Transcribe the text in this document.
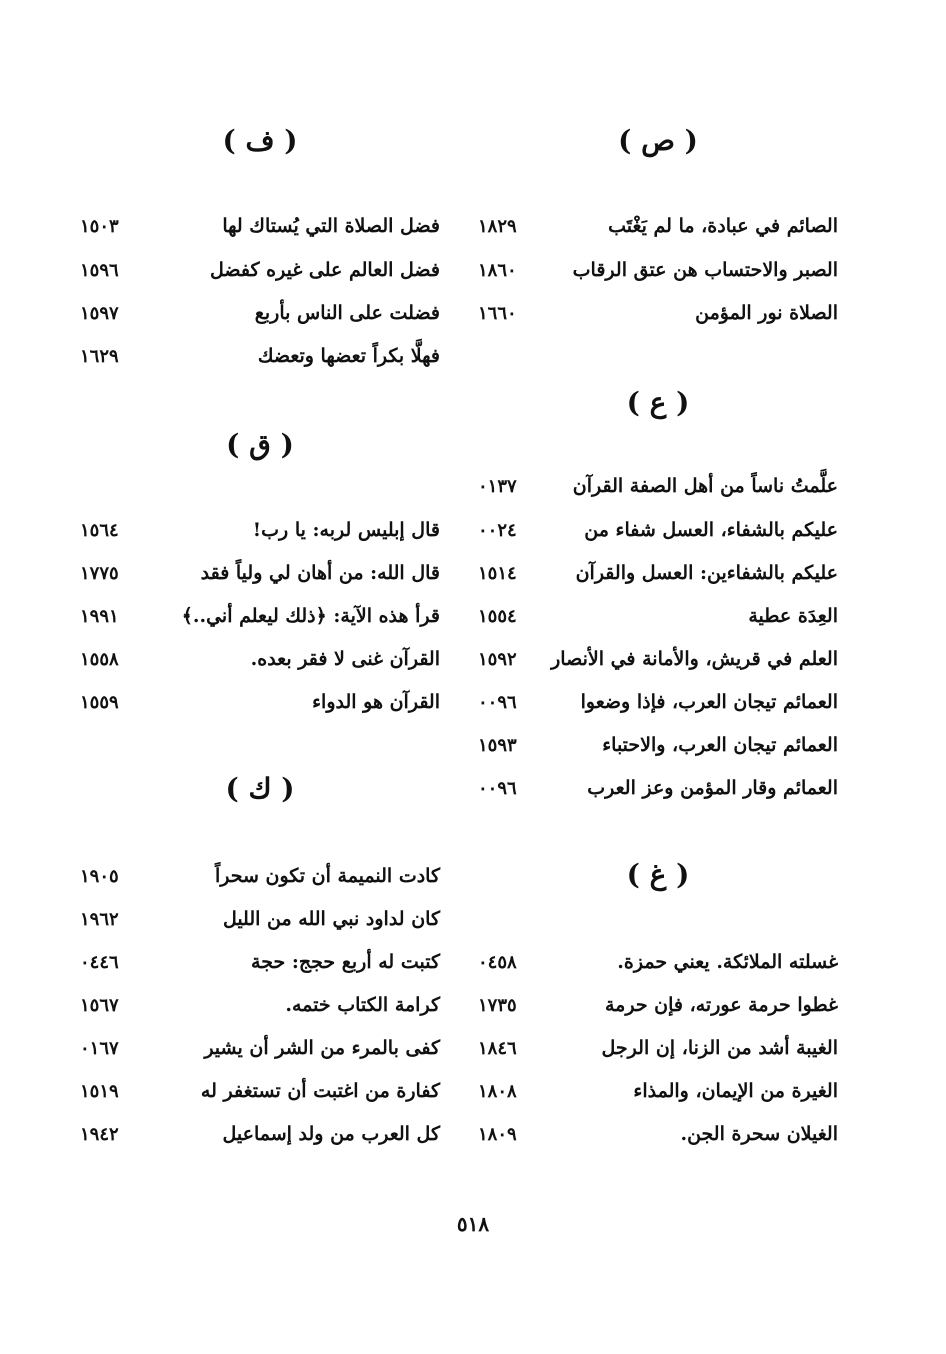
( ص )
الصائم في عبادة، ما لم يَغْتَب
١٨٢٩
الصبر والاحتساب هن عتق الرقاب
١٨٦٠
الصلاة نور المؤمن
١٦٦٠
( ع )
علَّمتُ ناساً من أهل الصفة القرآن
٠١٣٧
عليكم بالشفاء، العسل شفاء من
٠٠٢٤
عليكم بالشفاءين: العسل والقرآن
١٥١٤
العِدَة عطية
١٥٥٤
العلم في قريش، والأمانة في الأنصار
١٥٩٢
العمائم تيجان العرب، فإذا وضعوا
٠٠٩٦
العمائم تيجان العرب، والاحتباء
١٥٩٣
العمائم وقار المؤمن وعز العرب
٠٠٩٦
( غ )
غسلته الملائكة. يعني حمزة.
٠٤٥٨
غطوا حرمة عورته، فإن حرمة
١٧٣٥
الغيبة أشد من الزنا، إن الرجل
١٨٤٦
الغيرة من الإيمان، والمذاء
١٨٠٨
الغيلان سحرة الجن.
١٨٠٩
( ف )
فضل الصلاة التي يُستاك لها
١٥٠٣
فضل العالم على غيره كفضل
١٥٩٦
فضلت على الناس بأربع
١٥٩٧
فهلَّا بكراً تعضها وتعضك
١٦٢٩
( ق )
قال إبليس لربه: يا رب!
١٥٦٤
قال الله: من أهان لي ولياً فقد
١٧٧٥
قرأ هذه الآية: ﴿ذلك ليعلم أني..﴾
١٩٩١
القرآن غنى لا فقر بعده.
١٥٥٨
القرآن هو الدواء
١٥٥٩
( ك )
كادت النميمة أن تكون سحراً
١٩٠٥
كان لداود نبي الله من الليل
١٩٦٢
كتبت له أربع حجج: حجة
٠٤٤٦
كرامة الكتاب ختمه.
١٥٦٧
كفى بالمرء من الشر أن يشير
٠١٦٧
كفارة من اغتبت أن تستغفر له
١٥١٩
كل العرب من ولد إسماعيل
١٩٤٢
٥١٨
